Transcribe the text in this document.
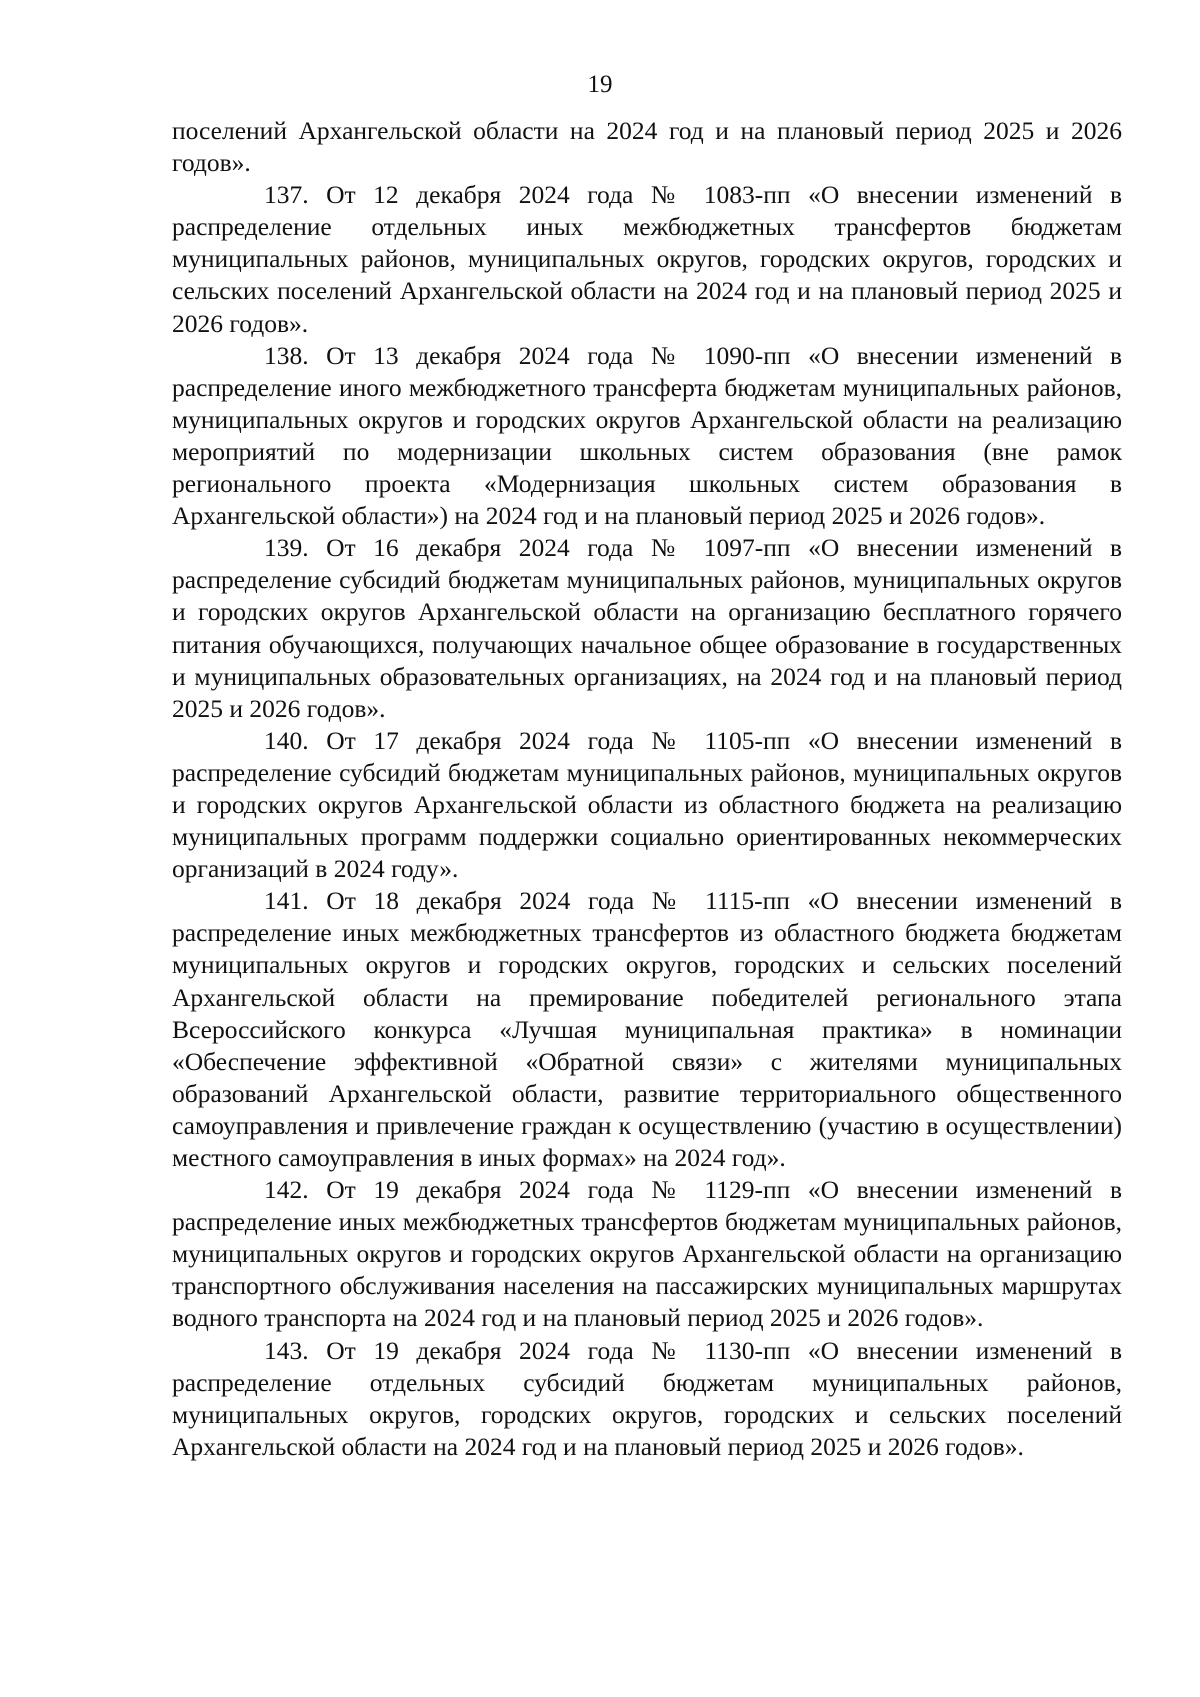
19

поселений Архангельской области на 2024 год и на плановый период 2025 и 2026 годов».

137. От 12 декабря 2024 года № 1083-пп «О внесении изменений в распределение отдельных иных межбюджетных трансфертов бюджетам муниципальных районов, муниципальных округов, городских округов, городских и сельских поселений Архангельской области на 2024 год и на плановый период 2025 и 2026 годов».

138. От 13 декабря 2024 года № 1090-пп «О внесении изменений в распределение иного межбюджетного трансферта бюджетам муниципальных районов, муниципальных округов и городских округов Архангельской области на реализацию мероприятий по модернизации школьных систем образования (вне рамок регионального проекта «Модернизация школьных систем образования в Архангельской области») на 2024 год и на плановый период 2025 и 2026 годов».

139. От 16 декабря 2024 года № 1097-пп «О внесении изменений в распределение субсидий бюджетам муниципальных районов, муниципальных округов и городских округов Архангельской области на организацию бесплатного горячего питания обучающихся, получающих начальное общее образование в государственных и муниципальных образовательных организациях, на 2024 год и на плановый период 2025 и 2026 годов».

140. От 17 декабря 2024 года № 1105-пп «О внесении изменений в распределение субсидий бюджетам муниципальных районов, муниципальных округов и городских округов Архангельской области из областного бюджета на реализацию муниципальных программ поддержки социально ориентированных некоммерческих организаций в 2024 году».

141. От 18 декабря 2024 года № 1115-пп «О внесении изменений в распределение иных межбюджетных трансфертов из областного бюджета бюджетам муниципальных округов и городских округов, городских и сельских поселений Архангельской области на премирование победителей регионального этапа Всероссийского конкурса «Лучшая муниципальная практика» в номинации «Обеспечение эффективной «Обратной связи» с жителями муниципальных образований Архангельской области, развитие территориального общественного самоуправления и привлечение граждан к осуществлению (участию в осуществлении) местного самоуправления в иных формах» на 2024 год».

142. От 19 декабря 2024 года № 1129-пп «О внесении изменений в распределение иных межбюджетных трансфертов бюджетам муниципальных районов, муниципальных округов и городских округов Архангельской области на организацию транспортного обслуживания населения на пассажирских муниципальных маршрутах водного транспорта на 2024 год и на плановый период 2025 и 2026 годов».

143. От 19 декабря 2024 года № 1130-пп «О внесении изменений в распределение отдельных субсидий бюджетам муниципальных районов, муниципальных округов, городских округов, городских и сельских поселений Архангельской области на 2024 год и на плановый период 2025 и 2026 годов».
